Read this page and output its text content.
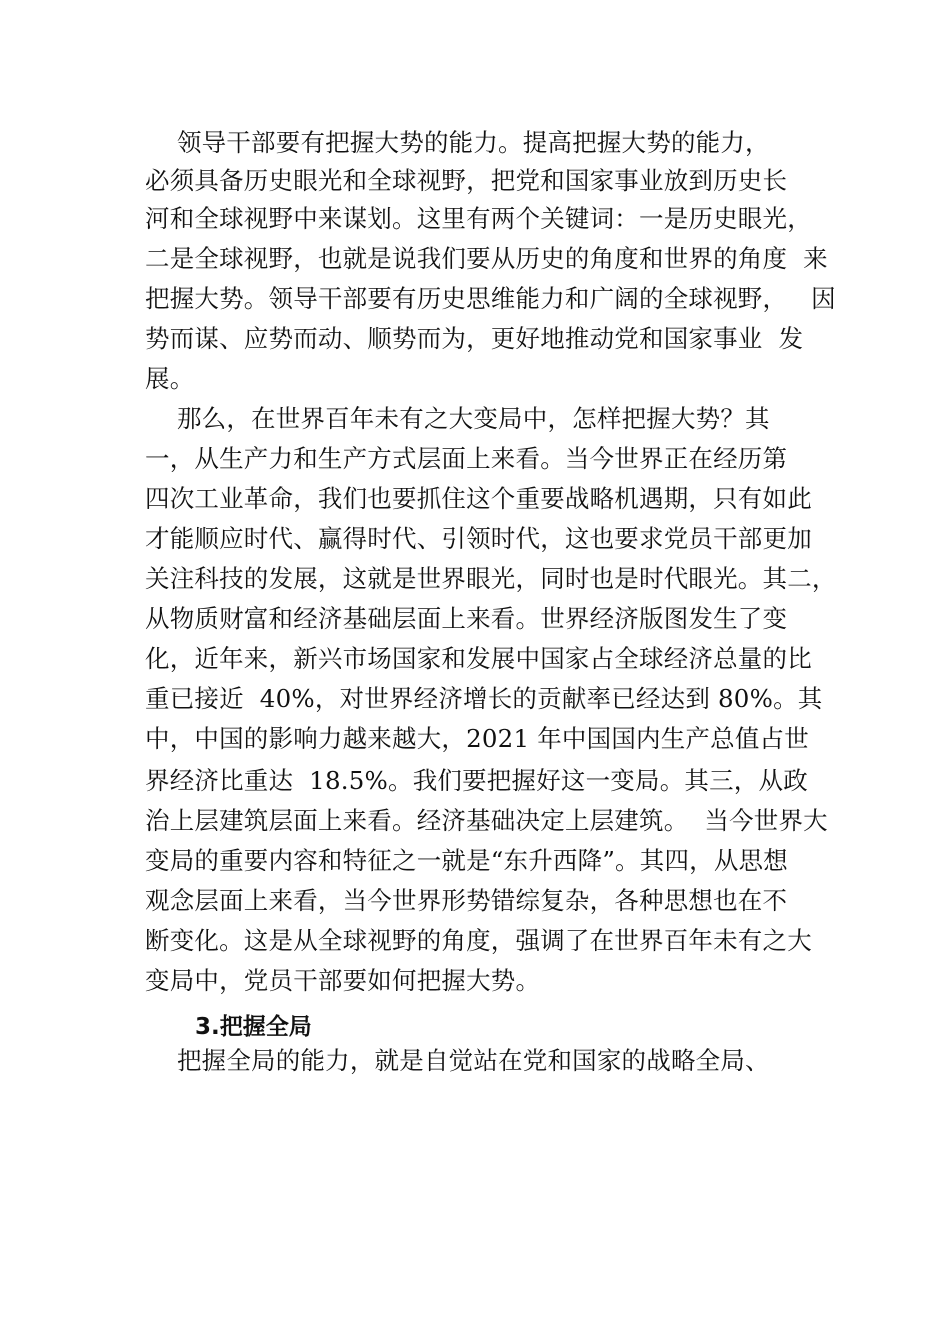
领导干部要有把握大势的能力。提高把握大势的能力，
必须具备历史眼光和全球视野，把党和国家事业放到历史长
河和全球视野中来谋划。这里有两个关键词：一是历史眼光，
二是全球视野，也就是说我们要从历史的角度和世界的角度  来
把握大势。领导干部要有历史思维能力和广阔的全球视野，   因
势而谋、应势而动、顺势而为，更好地推动党和国家事业  发
展。
那么，在世界百年未有之大变局中，怎样把握大势？其
一，从生产力和生产方式层面上来看。当今世界正在经历第
四次工业革命，我们也要抓住这个重要战略机遇期，只有如此
才能顺应时代、赢得时代、引领时代，这也要求党员干部更加
关注科技的发展，这就是世界眼光，同时也是时代眼光。其二，
从物质财富和经济基础层面上来看。世界经济版图发生了变
化，近年来，新兴市场国家和发展中国家占全球经济总量的比
重已接近  40%，对世界经济增长的贡献率已经达到 80%。其
中，中国的影响力越来越大，2021 年中国国内生产总值占世
界经济比重达  18.5%。我们要把握好这一变局。其三，从政
治上层建筑层面上来看。经济基础决定上层建筑。  当今世界大
变局的重要内容和特征之一就是“东升西降”。其四，从思想
观念层面上来看，当今世界形势错综复杂，各种思想也在不
断变化。这是从全球视野的角度，强调了在世界百年未有之大
变局中，党员干部要如何把握大势。
3.把握全局
把握全局的能力，就是自觉站在党和国家的战略全局、
